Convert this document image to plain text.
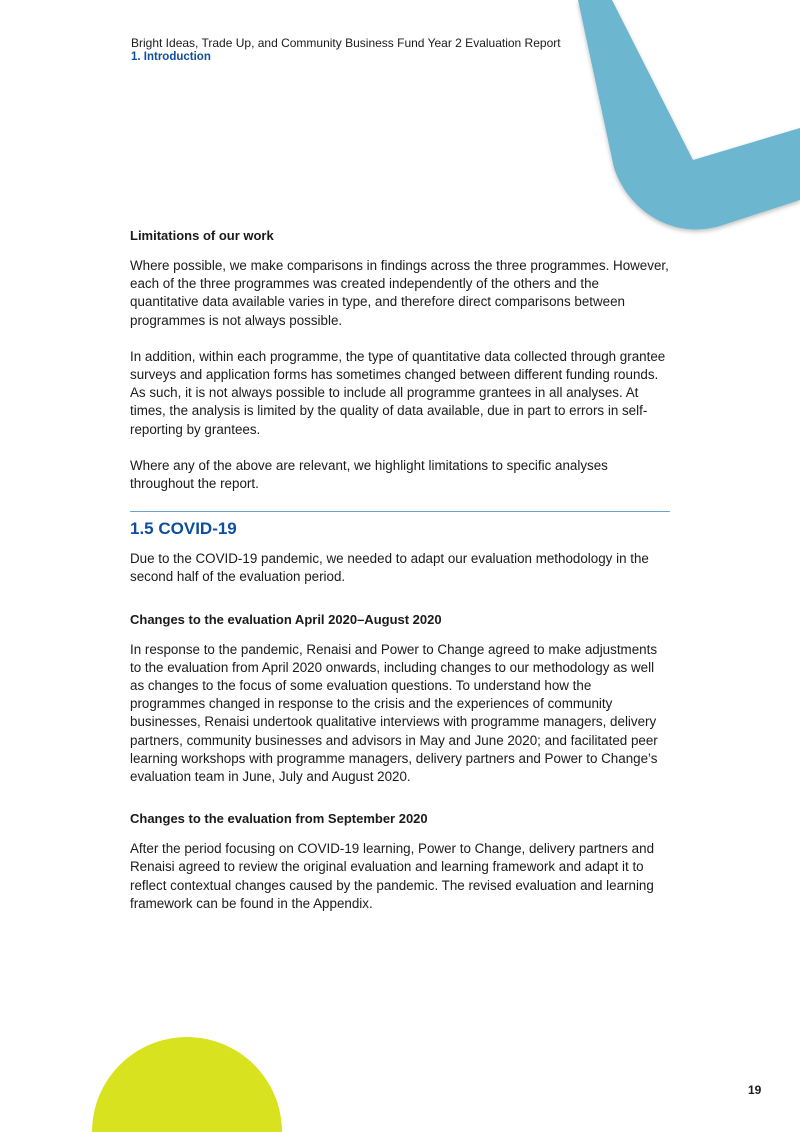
Bright Ideas, Trade Up, and Community Business Fund Year 2 Evaluation Report
1. Introduction
Limitations of our work

Where possible, we make comparisons in findings across the three programmes. However, each of the three programmes was created independently of the others and the quantitative data available varies in type, and therefore direct comparisons between programmes is not always possible.

In addition, within each programme, the type of quantitative data collected through grantee surveys and application forms has sometimes changed between different funding rounds. As such, it is not always possible to include all programme grantees in all analyses. At times, the analysis is limited by the quality of data available, due in part to errors in self-reporting by grantees.

Where any of the above are relevant, we highlight limitations to specific analyses throughout the report.

1.5 COVID-19

Due to the COVID-19 pandemic, we needed to adapt our evaluation methodology in the second half of the evaluation period.

Changes to the evaluation April 2020–August 2020

In response to the pandemic, Renaisi and Power to Change agreed to make adjustments to the evaluation from April 2020 onwards, including changes to our methodology as well as changes to the focus of some evaluation questions. To understand how the programmes changed in response to the crisis and the experiences of community businesses, Renaisi undertook qualitative interviews with programme managers, delivery partners, community businesses and advisors in May and June 2020; and facilitated peer learning workshops with programme managers, delivery partners and Power to Change’s evaluation team in June, July and August 2020.

Changes to the evaluation from September 2020

After the period focusing on COVID-19 learning, Power to Change, delivery partners and Renaisi agreed to review the original evaluation and learning framework and adapt it to reflect contextual changes caused by the pandemic. The revised evaluation and learning framework can be found in the Appendix.

19
